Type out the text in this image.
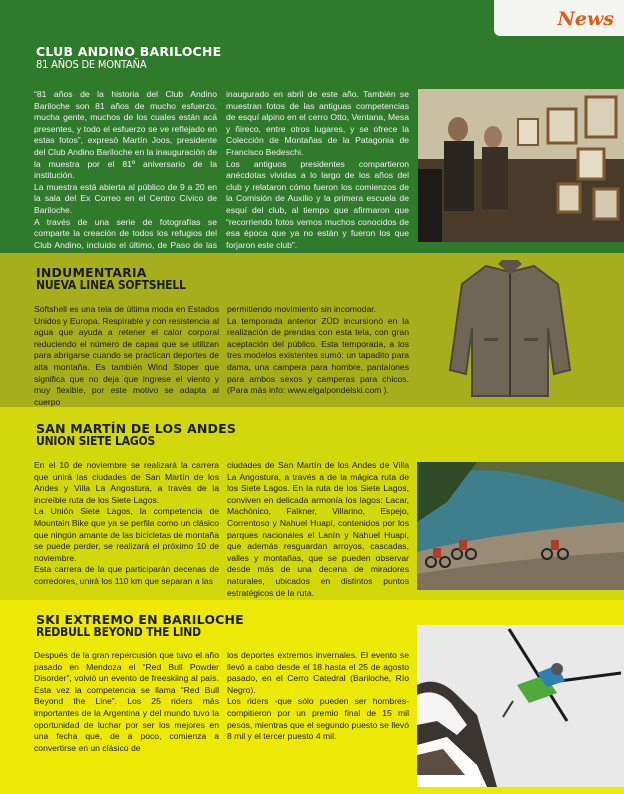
News
CLUB ANDINO BARILOCHE
81 AÑOS DE MONTAÑA

“81 años de la historia del Club Andino Bariloche son 81 años de mucho esfuerzo, mucha gente, muchos de los cuales están acá presentes, y todo el esfuerzo se ve reflejado en estas fotos”, expresó Martín Joos, presidente del Club Andino Bariloche en la inauguración de la muestra por el 81º aniversario de la institución.

La muestra está abierta al público de 9 a 20 en la sala del Ex Correo en el Centro Cívico de Bariloche.

A través de una serie de fotografías se comparte la creación de todos los refugios del Club Andino, incluido el último, de Paso de las

inaugurado en abril de este año. También se muestran fotos de las antiguas competencias de esquí alpino en el cerro Otto, Ventana, Mesa y ñireco, entre otros lugares, y se ofrece la Colección de Montañas de la Patagonia de Francisco Bedeschi.

Los antiguos presidentes compartieron anécdotas vividas a lo largo de los años del club y relataron cómo fueron los comienzos de la Comisión de Auxilio y la primera escuela de esquí del club, al tiempo que afirmaron que “recorriendo fotos vemos muchos conocidos de esa época que ya no están y fueron los que forjaron este club”.

INDUMENTARIA
NUEVA LINEA SOFTSHELL

Softshell es una tela de última moda en Estados Unidos y Europa. Respirable y con resistencia al agua que ayuda a retener el calor corporal reduciendo el número de capas que se utilizan para abrigarse cuando se practican deportes de alta montaña. Es también Wind Stoper que significa que no deja que ingrese el viento y muy flexible, por este motivo se adapta al cuerpo

permitiendo movimiento sin incomodar.

La temporada anterior ZÜD incursionó en la realización de prendas con esta tela, con gran aceptación del público. Esta temporada, a los tres modelos existentes sumó: un tapadito para dama, una campera para hombre, pantalones para ambos sexos y camperas para chicos. (Para más info: www.elgalpondelski.com ).

SAN MARTÍN DE LOS ANDES
UNION SIETE LAGOS

En el 10 de noviembre se realizará la carrera que unirá las ciudades de San Martín de los Andes y Villa La Angostura, a través de la increíble ruta de los Siete Lagos.

La Unión Siete Lagos, la competencia de Mountain Bike que ya se perfila como un clásico que ningún amante de las bicicletas de montaña se puede perder, se realizará el próximo 10 de noviembre.

Esta carrera de la que participarán decenas de corredores, unirá los 110 km que separan a las

ciudades de San Martín de los Andes de Villa La Angostura, a través a de la mágica ruta de los Siete Lagos. En la ruta de los Siete Lagos, conviven en delicada armonía los lagos: Lacar, Machónico, Falkner, Villarino, Espejo, Correntoso y Nahuel Huapi, contenidos por los parques nacionales el Lanín y Nahuel Huapi, que además resguardan arroyos, cascadas, valles y montañas, que se pueden observar desde más de una decena de miradores naturales, ubicados en distintos puntos estratégicos de la ruta.

SKI EXTREMO EN BARILOCHE
REDBULL BEYOND THE LIND

Después de la gran repercusión que tuvo el año pasado en Mendoza el “Red Bull Powder Disorder”, volvió un evento de freeskiing al país. Esta vez la competencia se llama “Red Bull Beyond the Line”. Los 25 riders más importantes de la Argentina y del mundo tuvo la oportunidad de luchar por ser los mejores en una fecha que, de a poco, comienza a convertirse en un clásico de

los deportes extremos invernales. El evento se llevó a cabo desde el 18 hasta el 25 de agosto pasado, en el Cerro Catedral (Bariloche, Río Negro).

Los riders -que sólo pueden ser hombres- compitieron por un premio final de 15 mil pesos, mientras que el segundo puesto se llevó 8 mil y el tercer puesto 4 mil.
